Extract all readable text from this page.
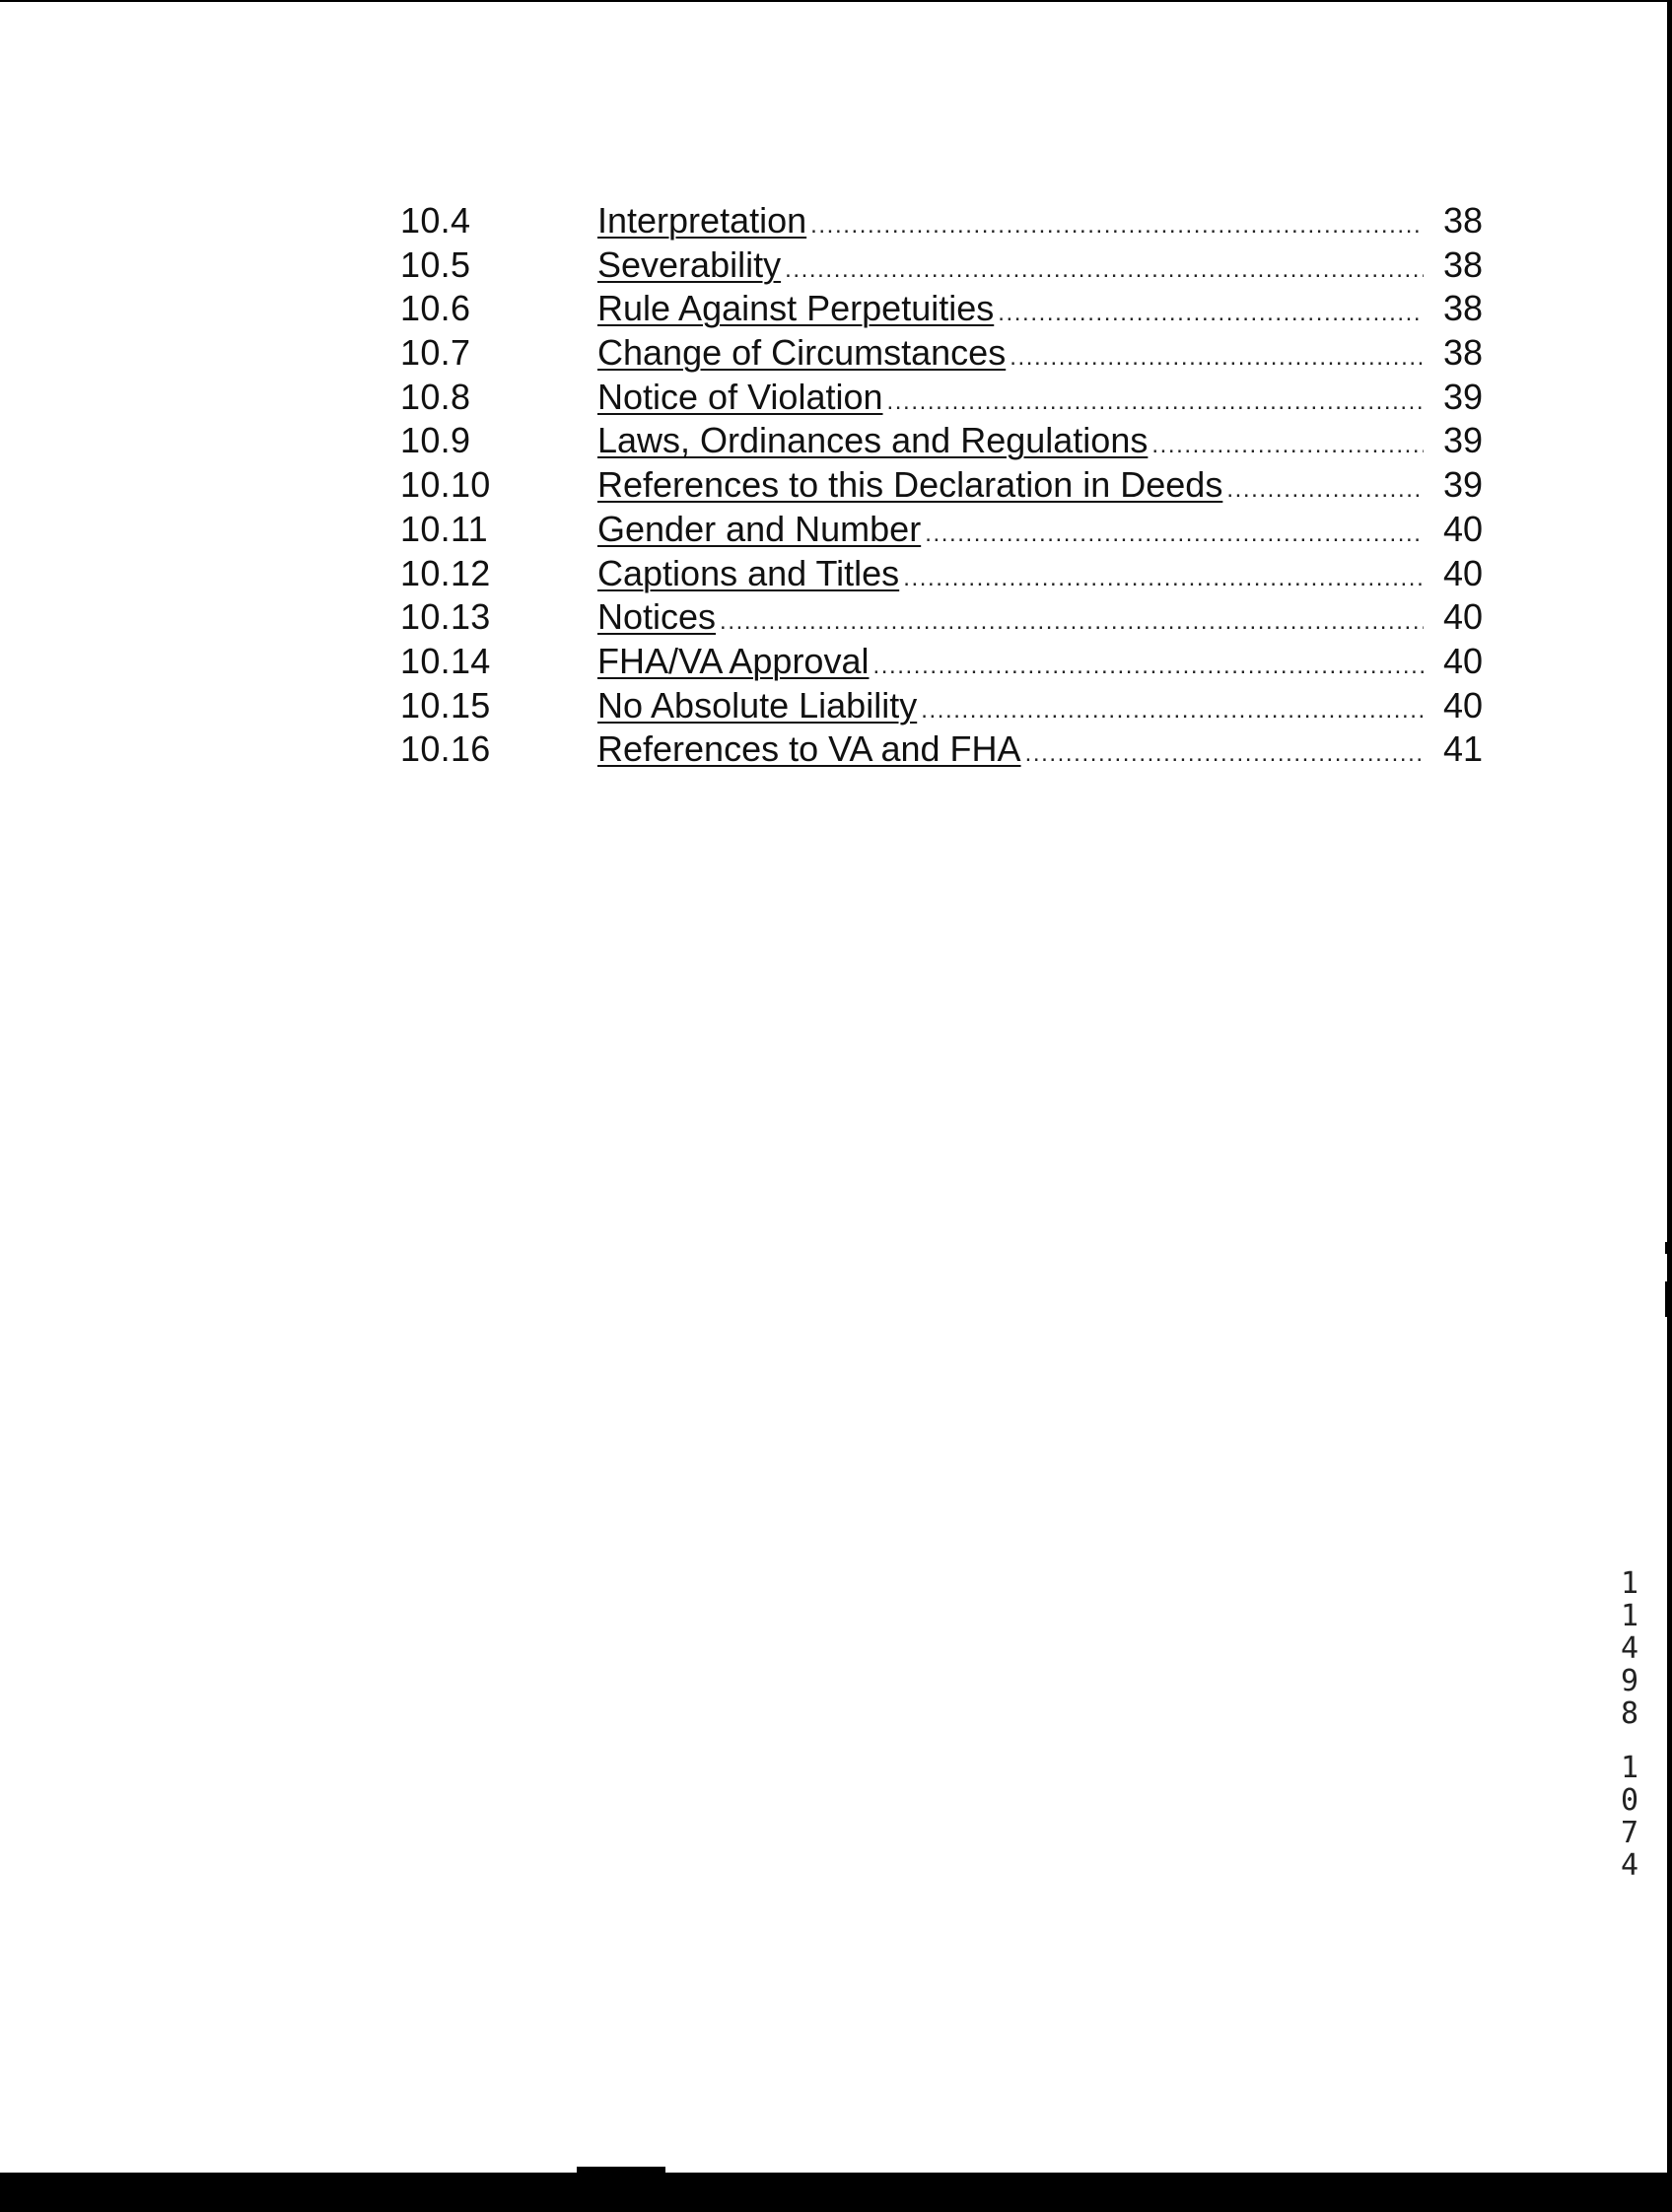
10.4	Interpretation .....	38
10.5	Severability .....	38
10.6	Rule Against Perpetuities .....	38
10.7	Change of Circumstances .....	38
10.8	Notice of Violation .....	39
10.9	Laws, Ordinances and Regulations .....	39
10.10	References to this Declaration in Deeds .....	39
10.11	Gender and Number .....	40
10.12	Captions and Titles .....	40
10.13	Notices .....	40
10.14	FHA/VA Approval .....	40
10.15	No Absolute Liability .....	40
10.16	References to VA and FHA .....	41
1
1
4
9
8
1
0
7
4
